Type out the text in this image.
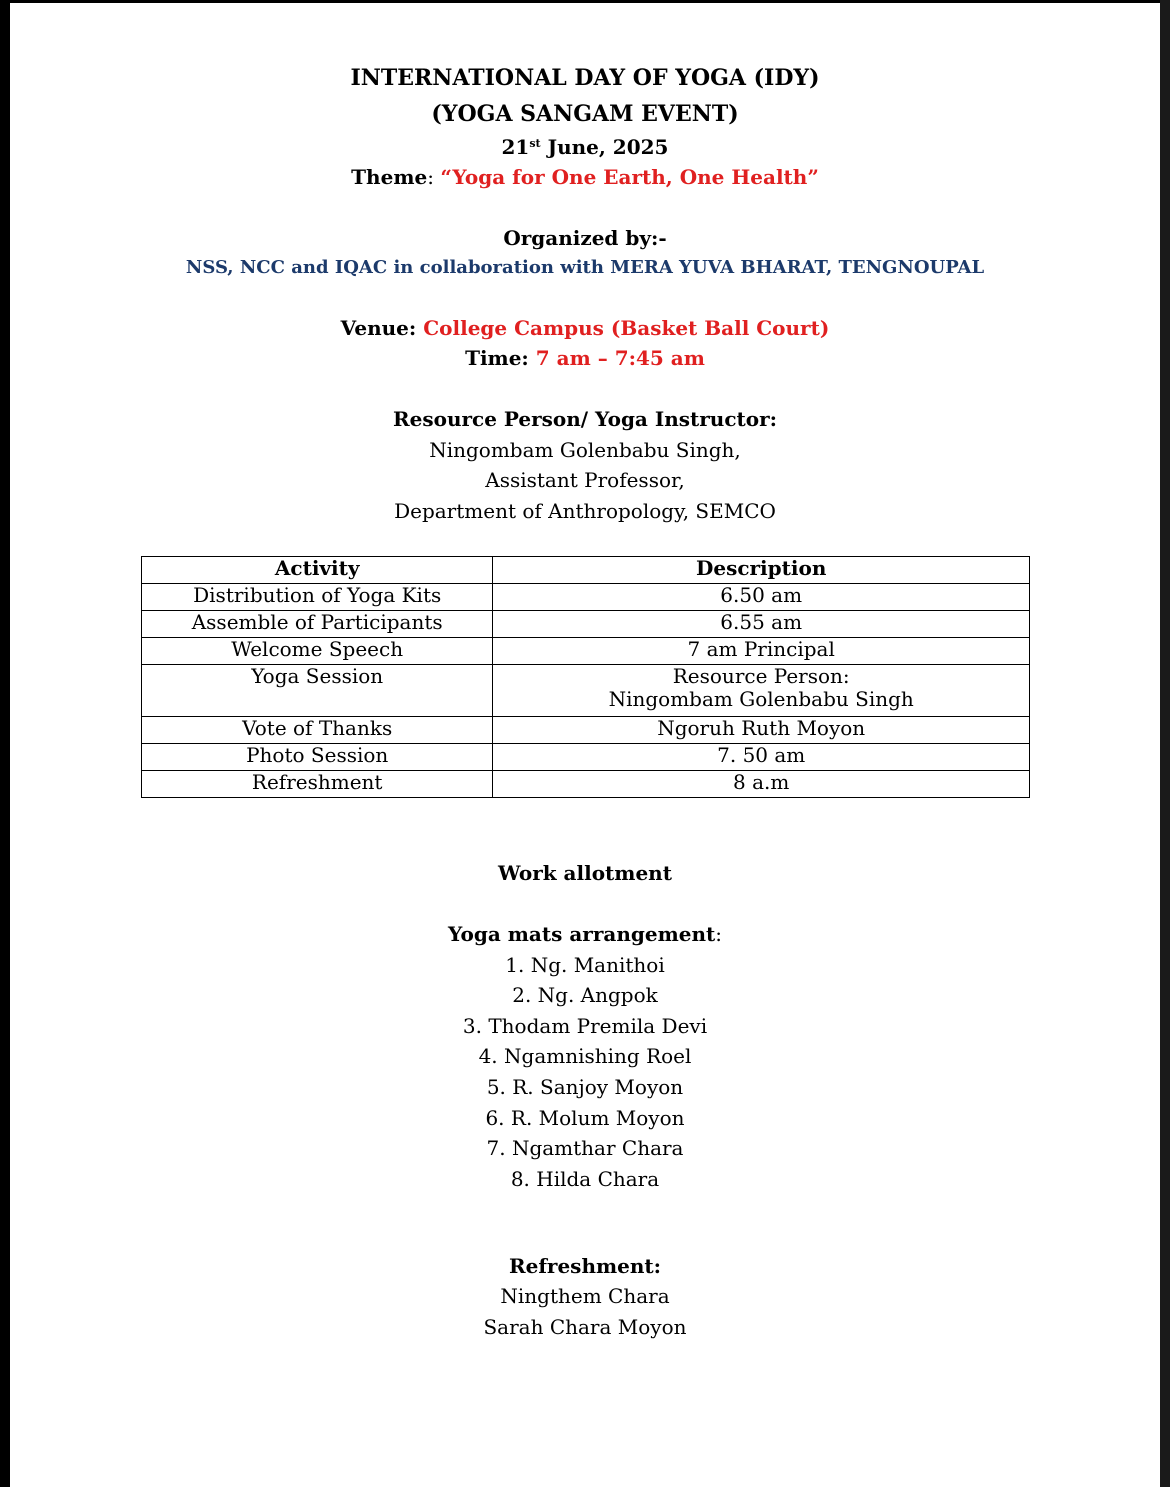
INTERNATIONAL DAY OF YOGA (IDY)
(YOGA SANGAM EVENT)
21st June, 2025
Theme: “Yoga for One Earth, One Health”
Organized by:-
NSS, NCC and IQAC in collaboration with MERA YUVA BHARAT, TENGNOUPAL
Venue: College Campus (Basket Ball Court)
Time: 7 am – 7:45 am
Resource Person/ Yoga Instructor:
Ningombam Golenbabu Singh,
Assistant Professor,
Department of Anthropology, SEMCO
Activity	Description
Distribution of Yoga Kits	6.50 am
Assemble of Participants	6.55 am
Welcome Speech	7 am Principal
Yoga Session	Resource Person:
Ningombam Golenbabu Singh

Vote of Thanks	Ngoruh Ruth Moyon
Photo Session	7. 50 am
Refreshment	8 a.m
Work allotment
Yoga mats arrangement:
1. Ng. Manithoi
2. Ng. Angpok
3. Thodam Premila Devi
4. Ngamnishing Roel
5. R. Sanjoy Moyon
6. R. Molum Moyon
7. Ngamthar Chara
8. Hilda Chara
Refreshment:
Ningthem Chara
Sarah Chara Moyon
